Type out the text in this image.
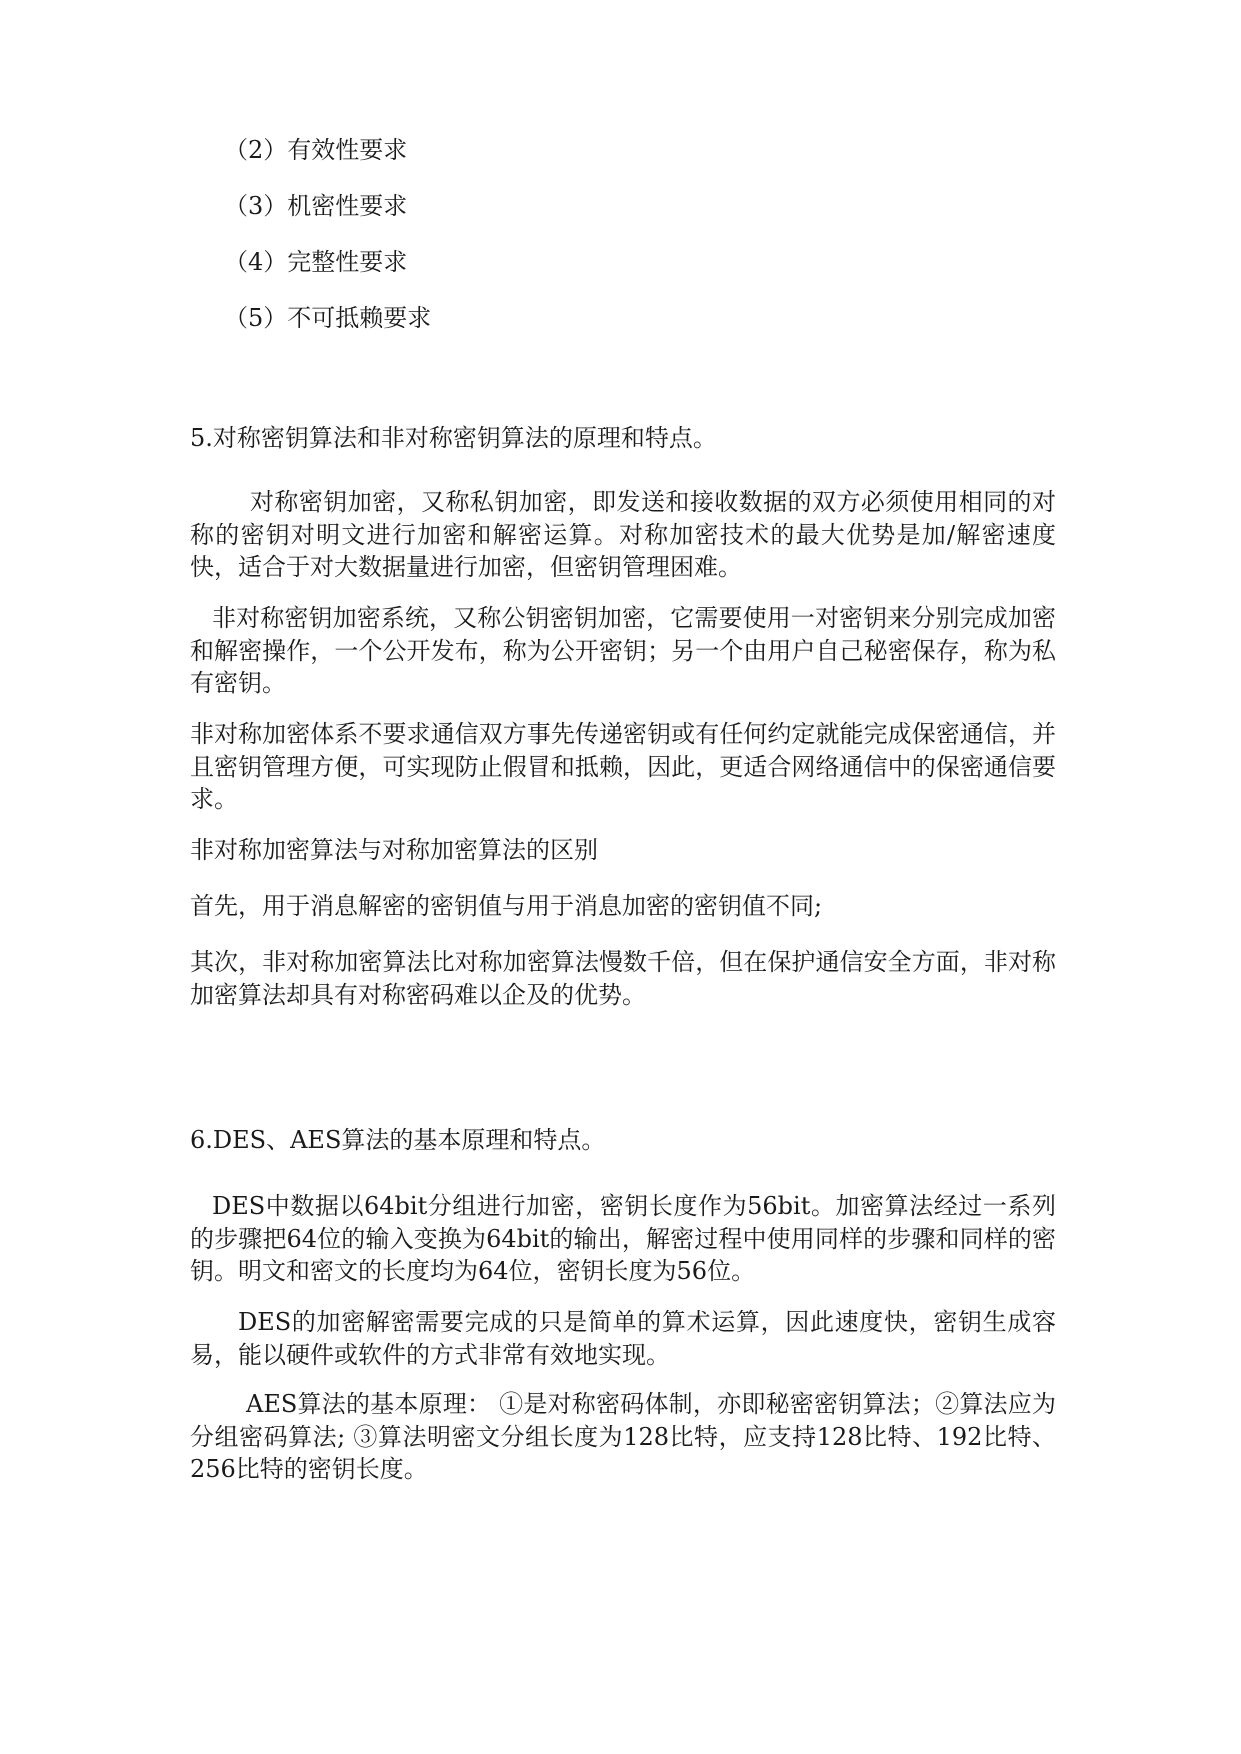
（2）有效性要求
（3）机密性要求
（4）完整性要求
（5）不可抵赖要求
5.对称密钥算法和非对称密钥算法的原理和特点。
对称密钥加密，又称私钥加密，即发送和接收数据的双方必须使用相同的对称的密钥对明文进行加密和解密运算。对称加密技术的最大优势是加/解密速度快，适合于对大数据量进行加密，但密钥管理困难。
非对称密钥加密系统，又称公钥密钥加密，它需要使用一对密钥来分别完成加密和解密操作，一个公开发布，称为公开密钥；另一个由用户自己秘密保存，称为私有密钥。
非对称加密体系不要求通信双方事先传递密钥或有任何约定就能完成保密通信，并且密钥管理方便，可实现防止假冒和抵赖，因此，更适合网络通信中的保密通信要求。
非对称加密算法与对称加密算法的区别
首先，用于消息解密的密钥值与用于消息加密的密钥值不同;
其次，非对称加密算法比对称加密算法慢数千倍，但在保护通信安全方面，非对称加密算法却具有对称密码难以企及的优势。
6.DES、AES算法的基本原理和特点。
DES中数据以64bit分组进行加密，密钥长度作为56bit。加密算法经过一系列的步骤把64位的输入变换为64bit的输出，解密过程中使用同样的步骤和同样的密钥。明文和密文的长度均为64位，密钥长度为56位。
DES的加密解密需要完成的只是简单的算术运算，因此速度快，密钥生成容易，能以硬件或软件的方式非常有效地实现。
AES算法的基本原理： ①是对称密码体制，亦即秘密密钥算法；②算法应为分组密码算法; ③算法明密文分组长度为128比特，应支持128比特、192比特、256比特的密钥长度。
